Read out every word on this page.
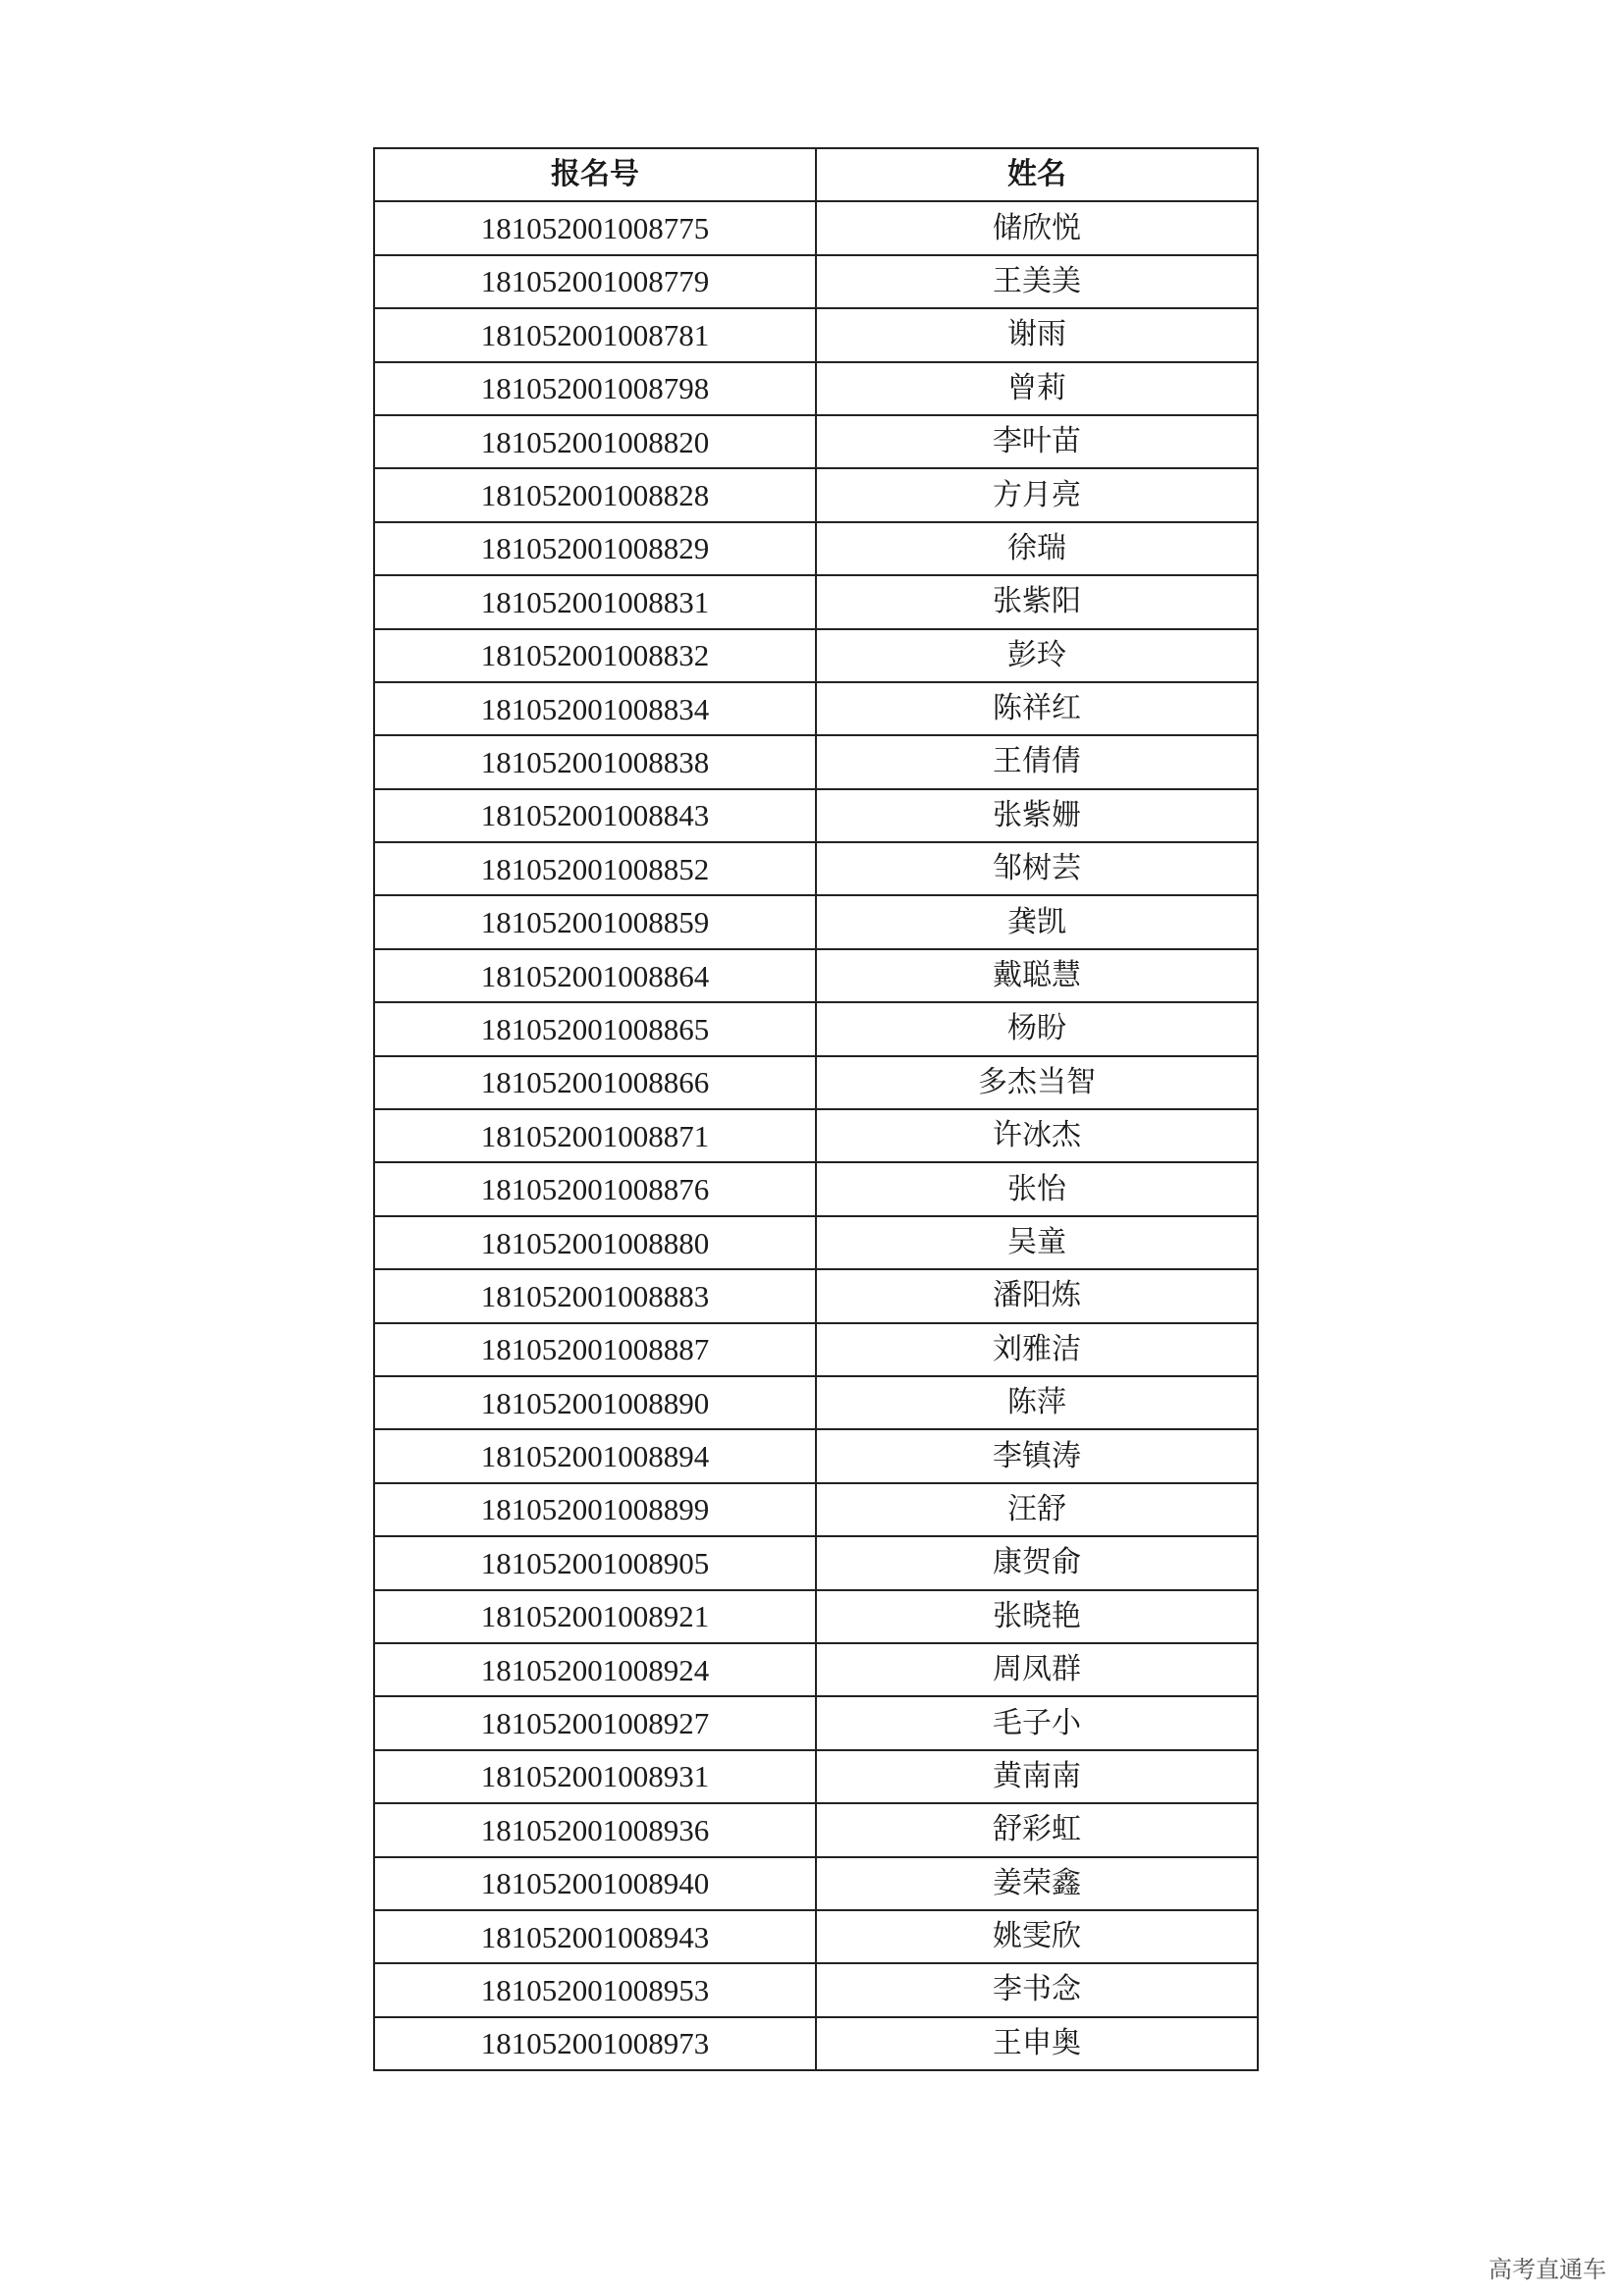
报名号	姓名
181052001008775	储欣悦
181052001008779	王美美
181052001008781	谢雨
181052001008798	曾莉
181052001008820	李叶苗
181052001008828	方月亮
181052001008829	徐瑞
181052001008831	张紫阳
181052001008832	彭玲
181052001008834	陈祥红
181052001008838	王倩倩
181052001008843	张紫姗
181052001008852	邹树芸
181052001008859	龚凯
181052001008864	戴聪慧
181052001008865	杨盼
181052001008866	多杰当智
181052001008871	许冰杰
181052001008876	张怡
181052001008880	吴童
181052001008883	潘阳炼
181052001008887	刘雅洁
181052001008890	陈萍
181052001008894	李镇涛
181052001008899	汪舒
181052001008905	康贺俞
181052001008921	张晓艳
181052001008924	周凤群
181052001008927	毛子小
181052001008931	黄南南
181052001008936	舒彩虹
181052001008940	姜荣鑫
181052001008943	姚雯欣
181052001008953	李书念
181052001008973	王申奥
高考直通车
